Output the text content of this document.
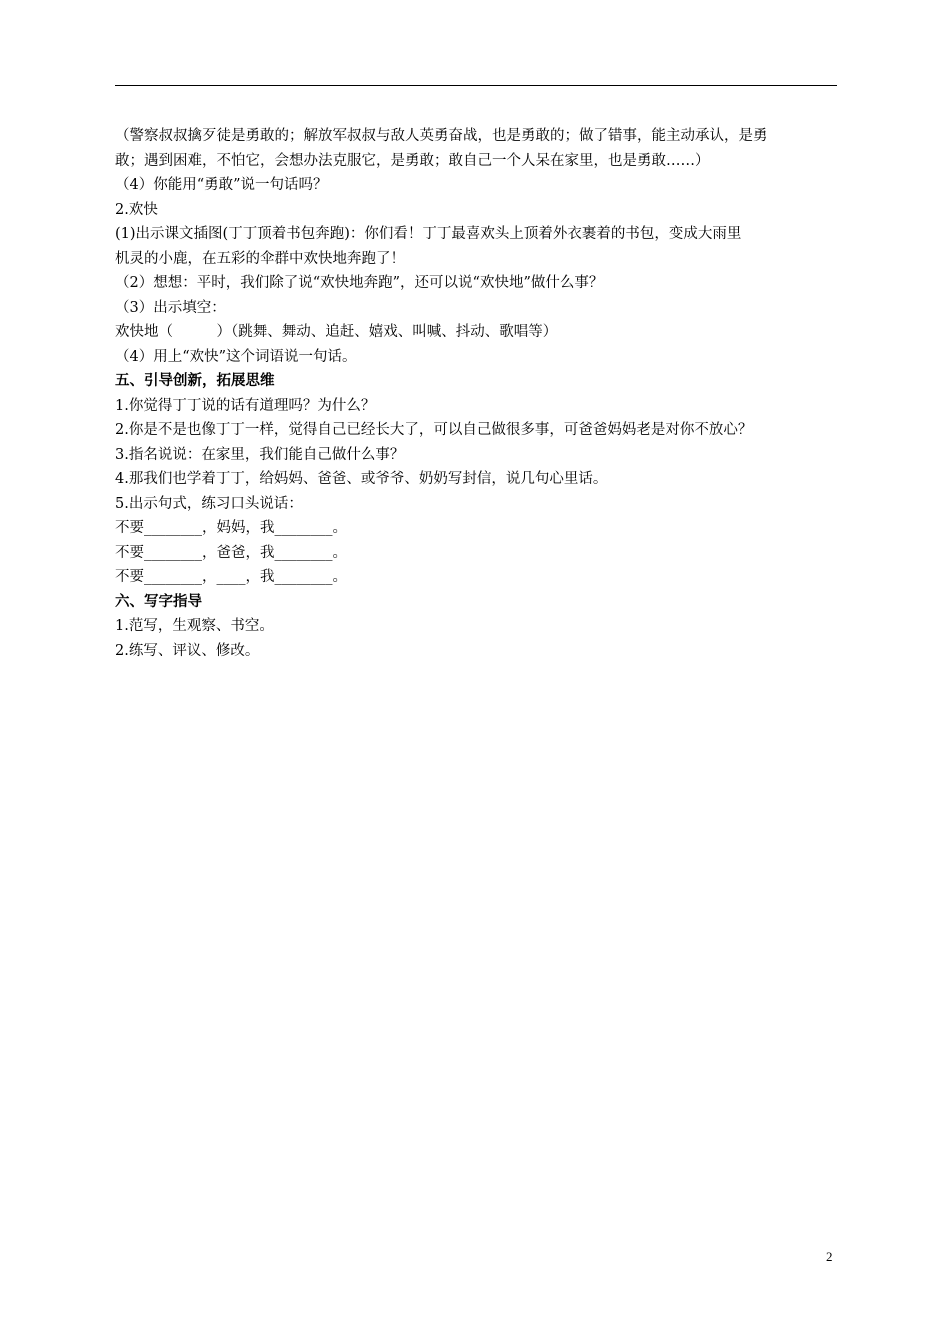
（警察叔叔擒歹徒是勇敢的；解放军叔叔与敌人英勇奋战，也是勇敢的；做了错事，能主动承认，是勇
敢；遇到困难，不怕它，会想办法克服它，是勇敢；敢自己一个人呆在家里，也是勇敢……）
（4）你能用“勇敢”说一句话吗？
2.欢快
(1)出示课文插图(丁丁顶着书包奔跑)：你们看！丁丁最喜欢头上顶着外衣裹着的书包，变成大雨里
机灵的小鹿，在五彩的伞群中欢快地奔跑了！
（2）想想：平时，我们除了说“欢快地奔跑”，还可以说“欢快地”做什么事？
（3）出示填空：
欢快地（　　　）（跳舞、舞动、追赶、嬉戏、叫喊、抖动、歌唱等）
（4）用上“欢快”这个词语说一句话。
五、引导创新，拓展思维
1.你觉得丁丁说的话有道理吗？为什么？
2.你是不是也像丁丁一样，觉得自己已经长大了，可以自己做很多事，可爸爸妈妈老是对你不放心？
3.指名说说：在家里，我们能自己做什么事？
4.那我们也学着丁丁，给妈妈、爸爸、或爷爷、奶奶写封信，说几句心里话。
5.出示句式，练习口头说话：
不要________，妈妈，我________。
不要________，爸爸，我________。
不要________，____，我________。
六、写字指导
1.范写，生观察、书空。
2.练写、评议、修改。
2
